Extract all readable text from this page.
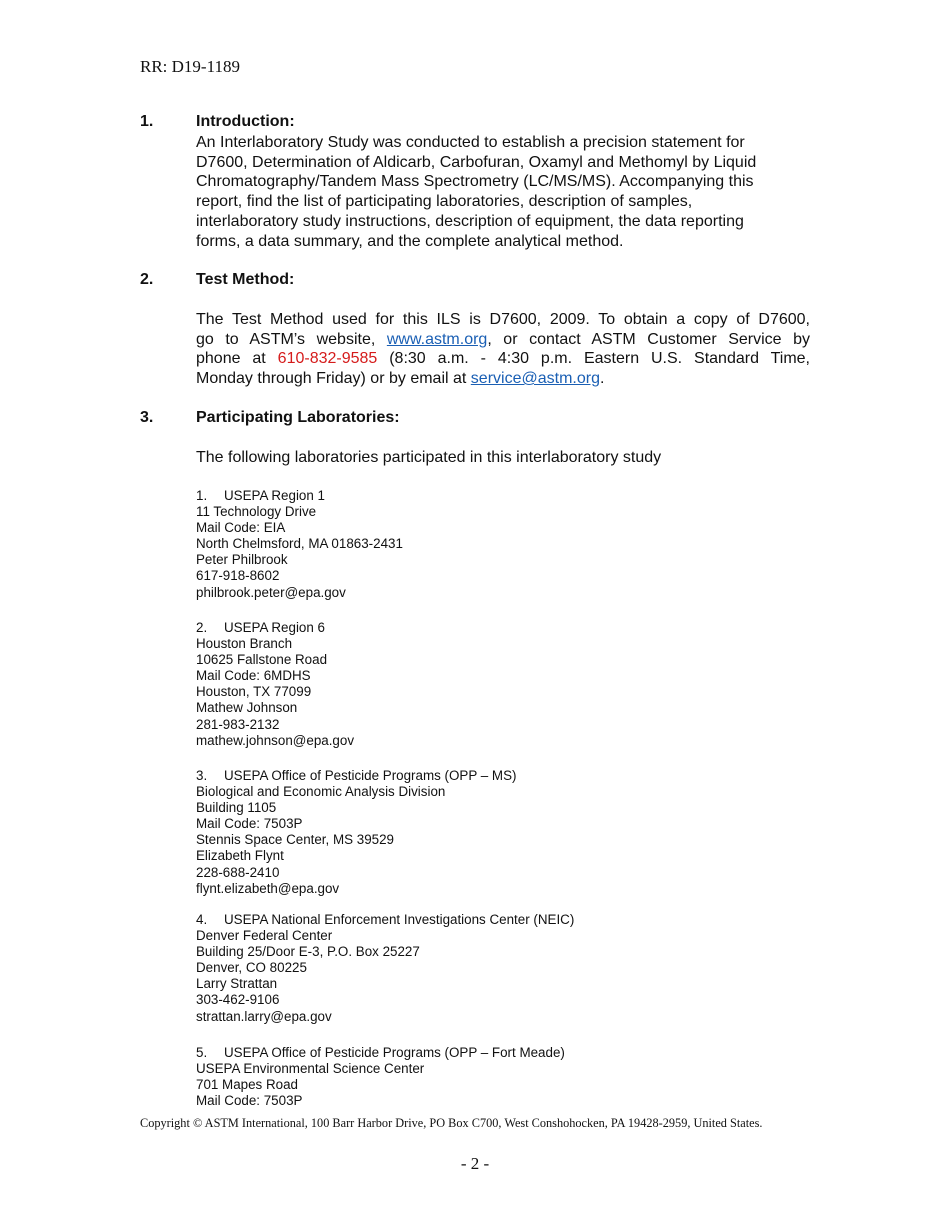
RR: D19-1189
1.	Introduction:
An Interlaboratory Study was conducted to establish a precision statement for
D7600, Determination of Aldicarb, Carbofuran, Oxamyl and Methomyl by Liquid
Chromatography/Tandem Mass Spectrometry (LC/MS/MS). Accompanying this
report, find the list of participating laboratories, description of samples,
interlaboratory study instructions, description of equipment, the data reporting
forms, a data summary, and the complete analytical method.
2.	Test Method:
The Test Method used for this ILS is D7600, 2009. To obtain a copy of D7600,
go to ASTM’s website, www.astm.org, or contact ASTM Customer Service by
phone at 610-832-9585 (8:30 a.m. - 4:30 p.m. Eastern U.S. Standard Time,
Monday through Friday) or by email at service@astm.org.
3.	Participating Laboratories:
The following laboratories participated in this interlaboratory study
1. USEPA Region 1
11 Technology Drive
Mail Code: EIA
North Chelmsford, MA 01863-2431
Peter Philbrook
617-918-8602
philbrook.peter@epa.gov
2. USEPA Region 6
Houston Branch
10625 Fallstone Road
Mail Code: 6MDHS
Houston, TX 77099
Mathew Johnson
281-983-2132
mathew.johnson@epa.gov
3. USEPA Office of Pesticide Programs (OPP – MS)
Biological and Economic Analysis Division
Building 1105
Mail Code: 7503P
Stennis Space Center, MS 39529
Elizabeth Flynt
228-688-2410
flynt.elizabeth@epa.gov
4. USEPA National Enforcement Investigations Center (NEIC)
Denver Federal Center
Building 25/Door E-3, P.O. Box 25227
Denver, CO 80225
Larry Strattan
303-462-9106
strattan.larry@epa.gov
5. USEPA Office of Pesticide Programs (OPP – Fort Meade)
USEPA Environmental Science Center
701 Mapes Road
Mail Code: 7503P
Copyright © ASTM International, 100 Barr Harbor Drive, PO Box C700, West Conshohocken, PA 19428-2959, United States.
- 2 -
